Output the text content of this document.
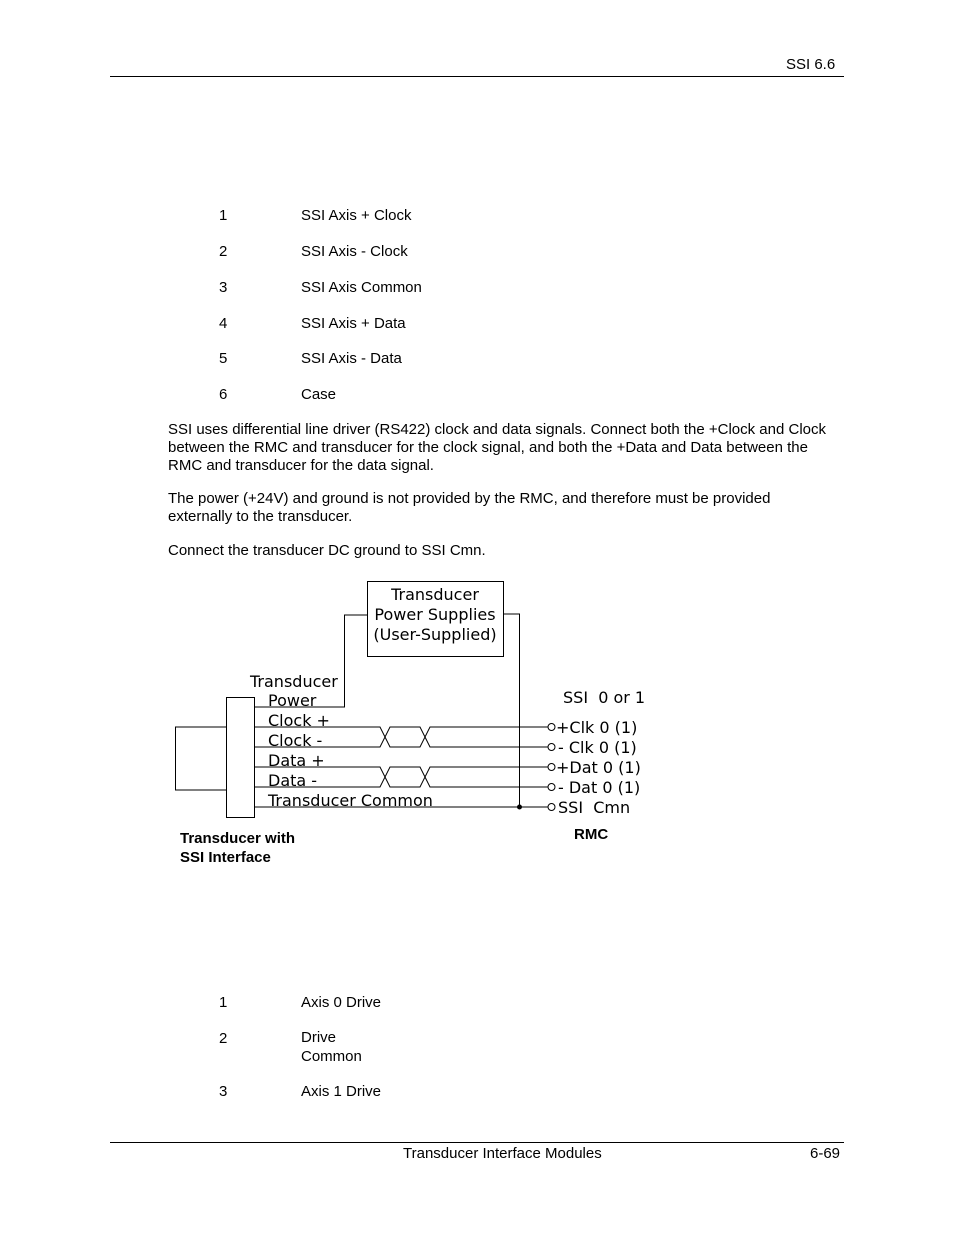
SSI 6.6
1	SSI Axis + Clock
2	SSI Axis - Clock
3	SSI Axis Common
4	SSI Axis + Data
5	SSI Axis - Data
6	Case

SSI uses differential line driver (RS422) clock and data signals. Connect both the +Clock and Clock between the RMC and transducer for the clock signal, and both the +Data and Data between the RMC and transducer for the data signal.

The power (+24V) and ground is not provided by the RMC, and therefore must be provided externally to the transducer.

Connect the transducer DC ground to SSI Cmn.

Transducer
Power Supplies
(User-Supplied)
Transducer
Power
Clock +
Clock -
Data +
Data -
Transducer Common
SSI  0 or 1
+Clk 0 (1)
- Clk 0 (1)
+Dat 0 (1)
- Dat 0 (1)
SSI  Cmn
Transducer with
SSI Interface
RMC
1	Axis 0 Drive
2	Drive
Common
3	Axis 1 Drive
Transducer Interface Modules	6-69
